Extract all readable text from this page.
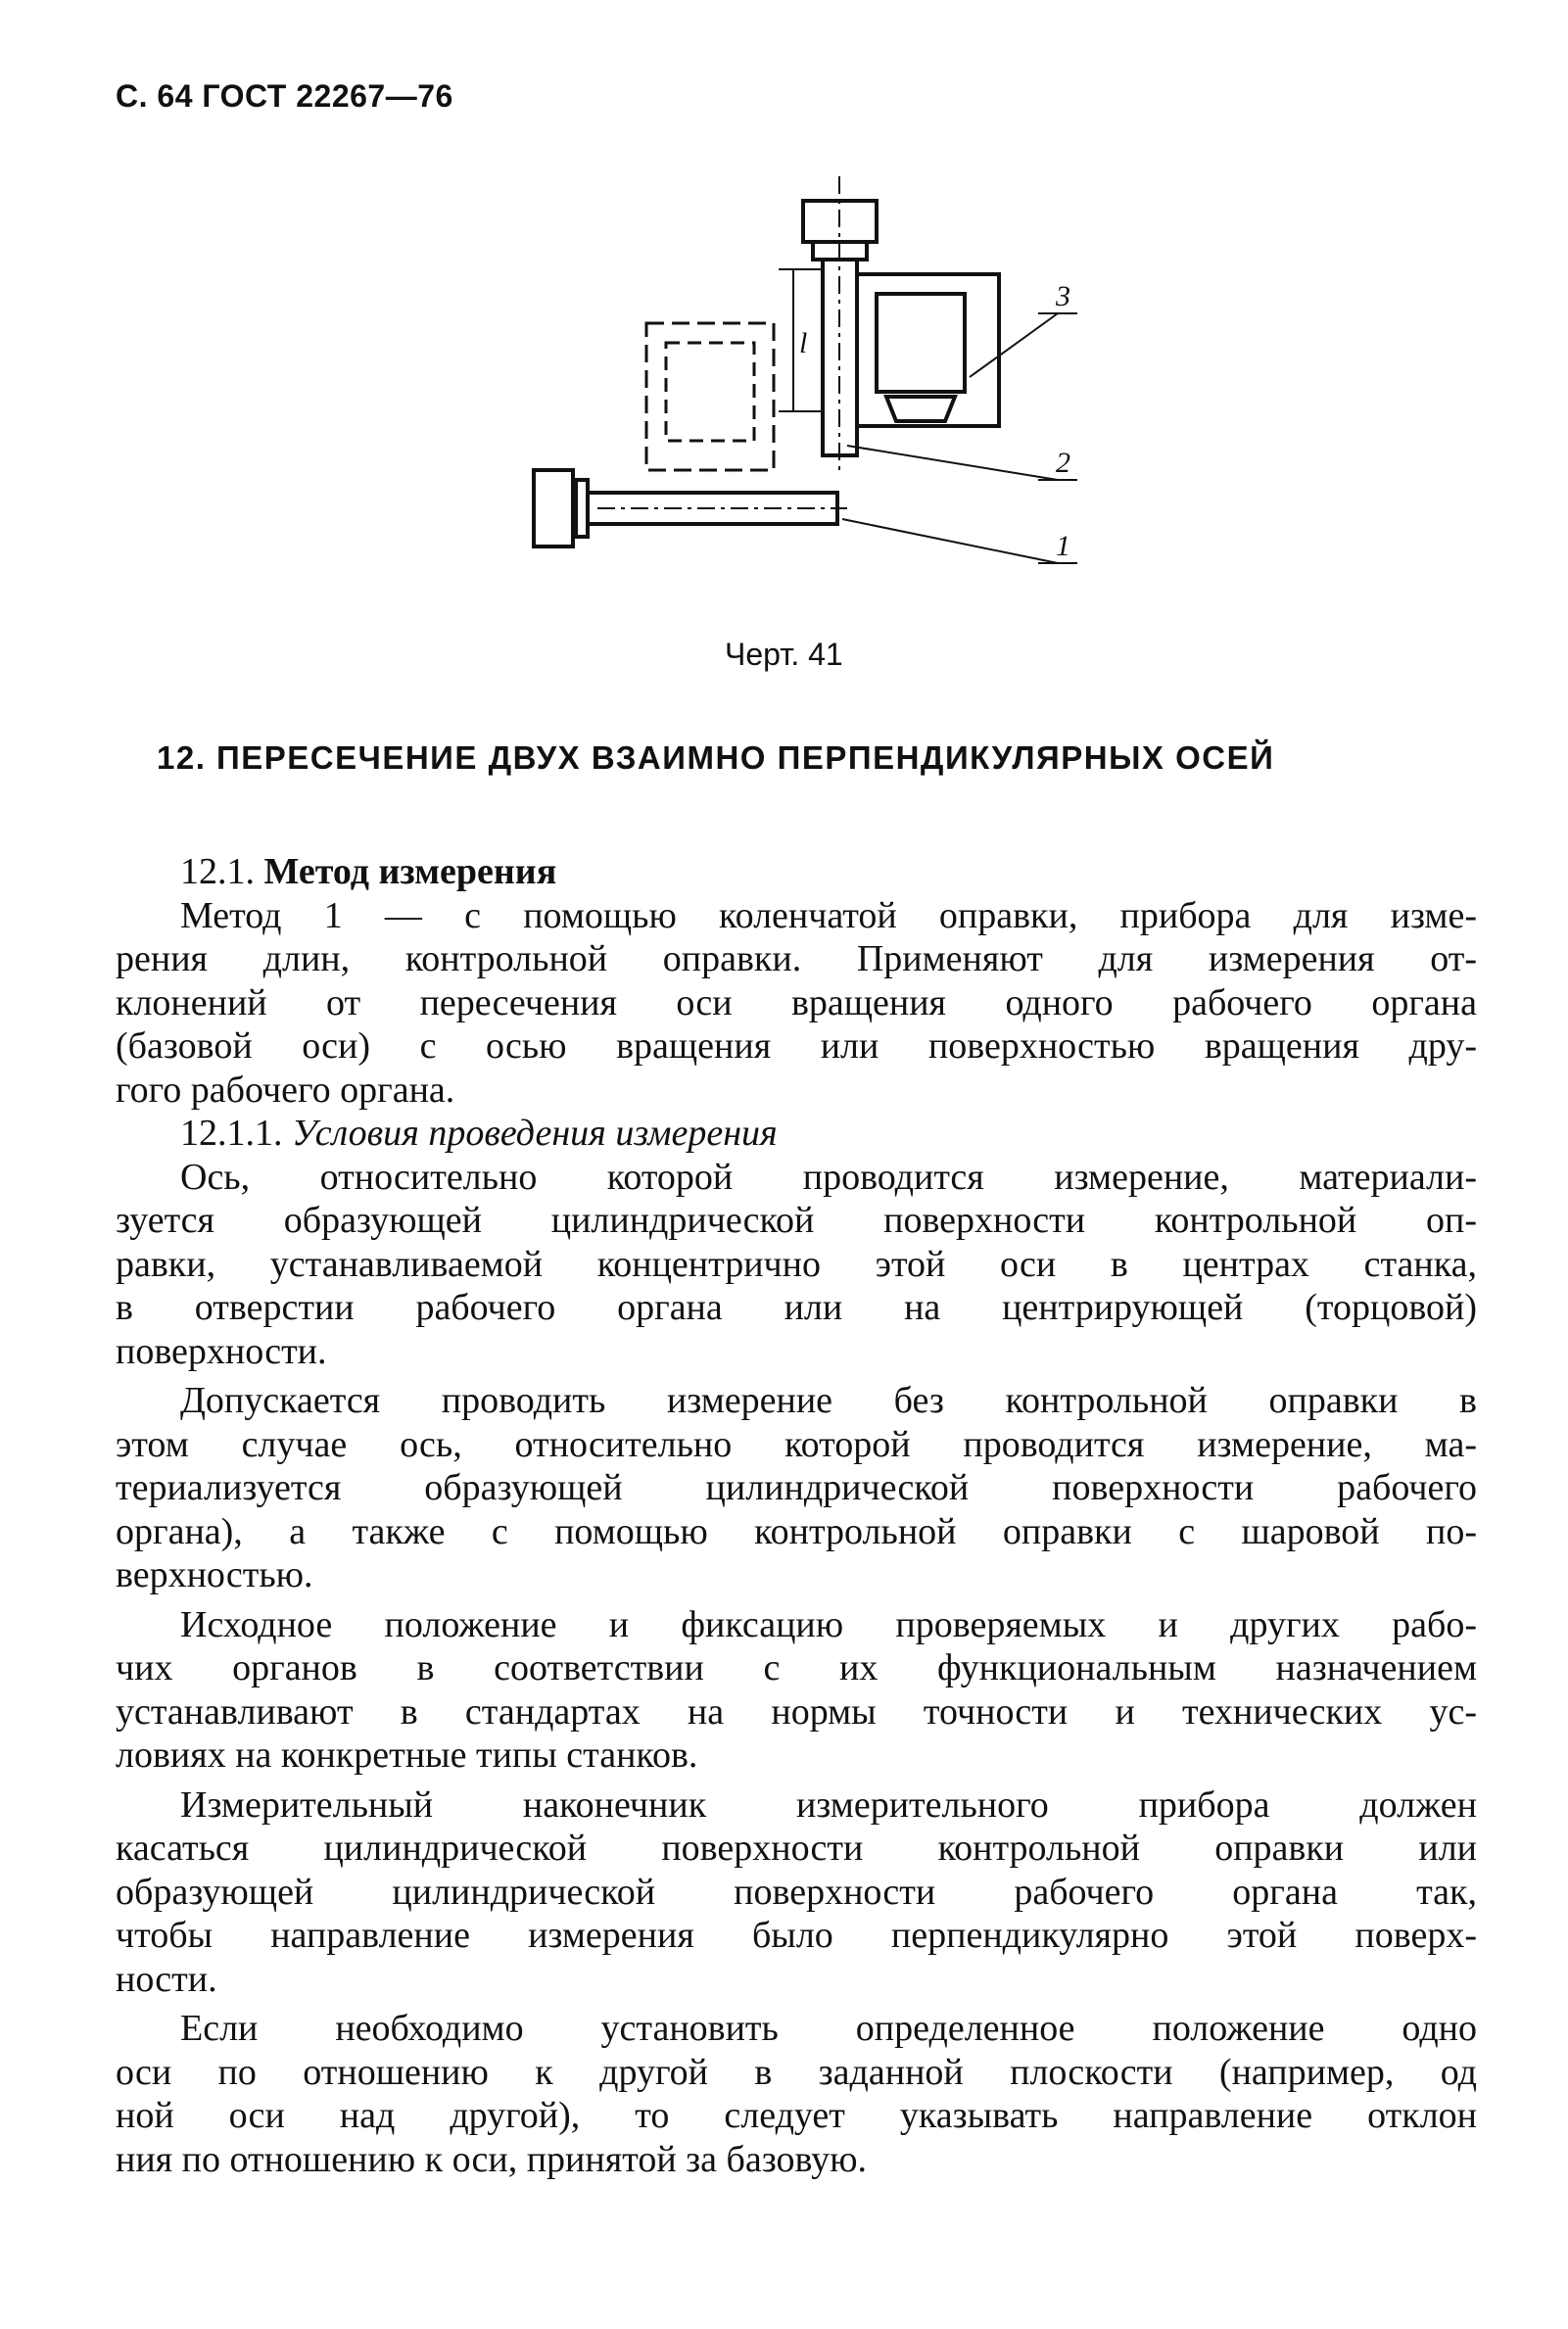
С. 64 ГОСТ 22267—76
3
2
1
l
Черт. 41
12. ПЕРЕСЕЧЕНИЕ ДВУХ ВЗАИМНО ПЕРПЕНДИКУЛЯРНЫХ ОСЕЙ
12.1. Метод измерения
Метод 1 — с помощью коленчатой оправки, прибора для изме-
рения длин, контрольной оправки. Применяют для измерения от-
клонений от пересечения оси вращения одного рабочего органа
(базовой оси) с осью вращения или поверхностью вращения дру-
гого рабочего органа.
12.1.1. Условия проведения измерения
Ось, относительно которой проводится измерение, материали-
зуется образующей цилиндрической поверхности контрольной оп-
равки, устанавливаемой концентрично этой оси в центрах станка,
в отверстии рабочего органа или на центрирующей (торцовой)
поверхности.
Допускается проводить измерение без контрольной оправки в
этом случае ось, относительно которой проводится измерение, ма-
териализуется образующей цилиндрической поверхности рабочего
органа), а также с помощью контрольной оправки с шаровой по-
верхностью.
Исходное положение и фиксацию проверяемых и других рабо-
чих органов в соответствии с их функциональным назначением
устанавливают в стандартах на нормы точности и технических ус-
ловиях на конкретные типы станков.
Измерительный наконечник измерительного прибора должен
касаться цилиндрической поверхности контрольной оправки или
образующей цилиндрической поверхности рабочего органа так,
чтобы направление измерения было перпендикулярно этой поверх-
ности.
Если необходимо установить определенное положение одно
оси по отношению к другой в заданной плоскости (например, од
ной оси над другой), то следует указывать направление отклон
ния по отношению к оси, принятой за базовую.
